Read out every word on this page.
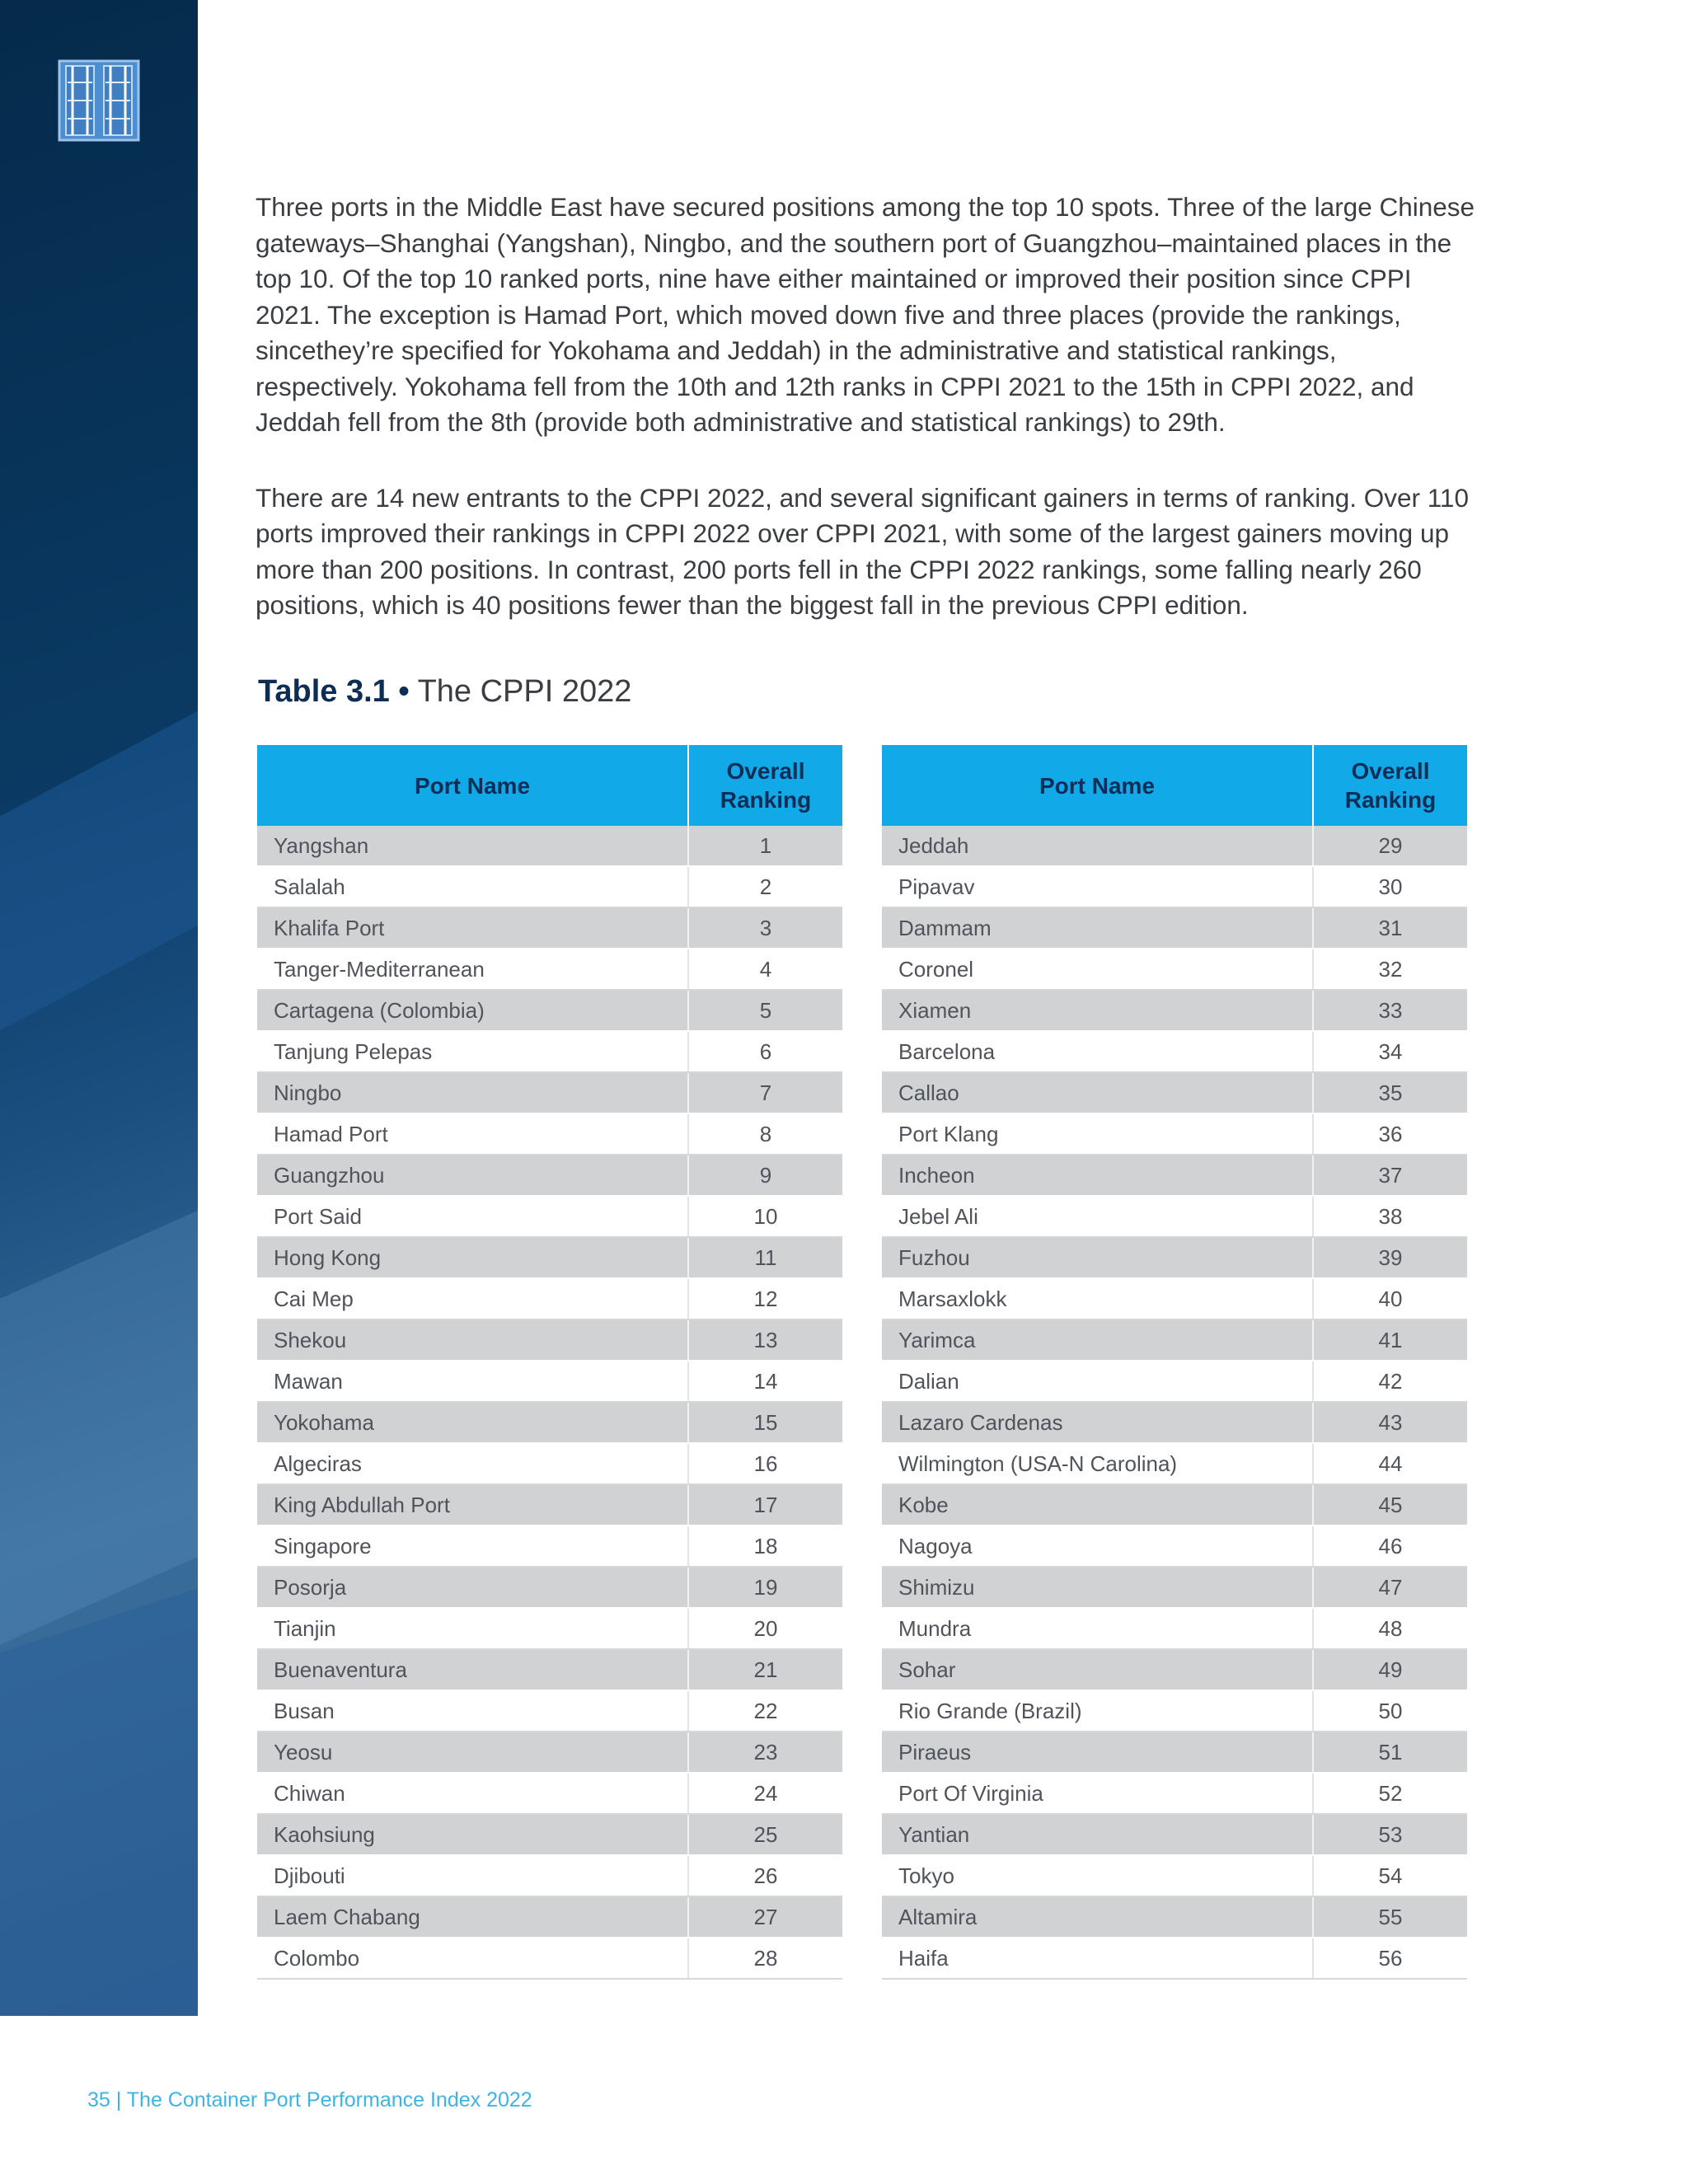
Three ports in the Middle East have secured positions among the top 10 spots. Three of the large Chinese gateways–Shanghai (Yangshan), Ningbo, and the southern port of Guangzhou–maintained places in the top 10. Of the top 10 ranked ports, nine have either maintained or improved their position since CPPI 2021. The exception is Hamad Port, which moved down five and three places (provide the rankings, sincethey’re specified for Yokohama and Jeddah) in the administrative and statistical rankings, respectively. Yokohama fell from the 10th and 12th ranks in CPPI 2021 to the 15th in CPPI 2022, and Jeddah fell from the 8th (provide both administrative and statistical rankings) to 29th.

There are 14 new entrants to the CPPI 2022, and several significant gainers in terms of ranking. Over 110 ports improved their rankings in CPPI 2022 over CPPI 2021, with some of the largest gainers moving up more than 200 positions. In contrast, 200 ports fell in the CPPI 2022 rankings, some falling nearly 260 positions, which is 40 positions fewer than the biggest fall in the previous CPPI edition.

Table 3.1 • The CPPI 2022
Port Name	Overall
Ranking
Yangshan	1
Salalah	2
Khalifa Port	3
Tanger-Mediterranean	4
Cartagena (Colombia)	5
Tanjung Pelepas	6
Ningbo	7
Hamad Port	8
Guangzhou	9
Port Said	10
Hong Kong	11
Cai Mep	12
Shekou	13
Mawan	14
Yokohama	15
Algeciras	16
King Abdullah Port	17
Singapore	18
Posorja	19
Tianjin	20
Buenaventura	21
Busan	22
Yeosu	23
Chiwan	24
Kaohsiung	25
Djibouti	26
Laem Chabang	27
Colombo	28
Port Name	Overall
Ranking
Jeddah	29
Pipavav	30
Dammam	31
Coronel	32
Xiamen	33
Barcelona	34
Callao	35
Port Klang	36
Incheon	37
Jebel Ali	38
Fuzhou	39
Marsaxlokk	40
Yarimca	41
Dalian	42
Lazaro Cardenas	43
Wilmington (USA-N Carolina)	44
Kobe	45
Nagoya	46
Shimizu	47
Mundra	48
Sohar	49
Rio Grande (Brazil)	50
Piraeus	51
Port Of Virginia	52
Yantian	53
Tokyo	54
Altamira	55
Haifa	56
35 | The Container Port Performance Index 2022
